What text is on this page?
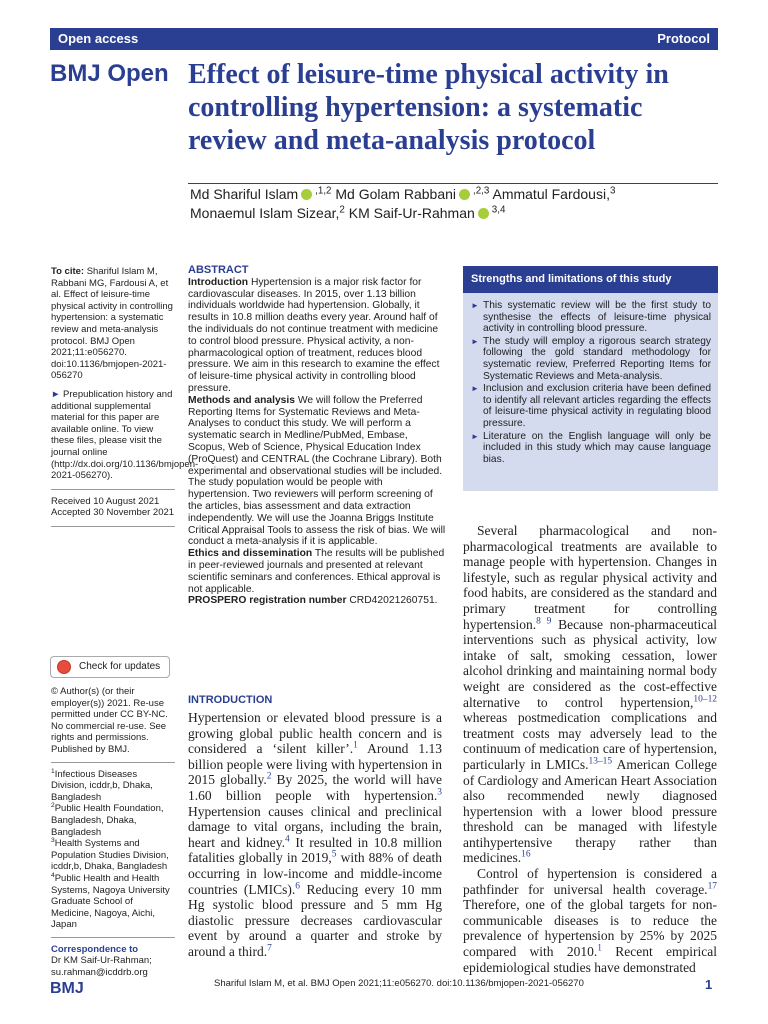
Open access	Protocol
BMJ Open Effect of leisure-time physical activity in controlling hypertension: a systematic review and meta-analysis protocol
Md Shariful Islam $^{,1,2}$ Md Golam Rabbani $^{,2,3}$ Ammatul Fardousi,$^3$
Monaemul Islam Sizear,$^2$ KM Saif-Ur-Rahman $^{3,4}$

To cite: Shariful Islam M, Rabbani MG, Fardousi A, et al. Effect of leisure-time physical activity in controlling hypertension: a systematic review and meta-analysis protocol. BMJ Open 2021;11:e056270. doi:10.1136/bmjopen-2021-056270

► Prepublication history and additional supplemental material for this paper are available online. To view these files, please visit the journal online (http://dx.doi.org/10.1136/bmjopen-2021-056270).

Received 10 August 2021

Accepted 30 November 2021

Check for updates

© Author(s) (or their employer(s)) 2021. Re-use permitted under CC BY-NC. No commercial re-use. See rights and permissions. Published by BMJ.

$^1$Infectious Diseases Division, icddr,b, Dhaka, Bangladesh

$^2$Public Health Foundation, Bangladesh, Dhaka, Bangladesh

$^3$Health Systems and Population Studies Division, icddr,b, Dhaka, Bangladesh

$^4$Public Health and Health Systems, Nagoya University Graduate School of Medicine, Nagoya, Aichi, Japan

Correspondence to

Dr KM Saif-Ur-Rahman;

su.rahman@icddrb.org

ABSTRACT

Introduction Hypertension is a major risk factor for cardiovascular diseases. In 2015, over 1.13 billion individuals worldwide had hypertension. Globally, it results in 10.8 million deaths every year. Around half of the individuals do not continue treatment with medicine to control blood pressure. Physical activity, a non-pharmacological option of treatment, reduces blood pressure. We aim in this research to examine the effect of leisure-time physical activity in controlling blood pressure.

Methods and analysis We will follow the Preferred Reporting Items for Systematic Reviews and Meta-Analyses to conduct this study. We will perform a systematic search in Medline/PubMed, Embase, Scopus, Web of Science, Physical Education Index (ProQuest) and CENTRAL (the Cochrane Library). Both experimental and observational studies will be included. The study population would be people with hypertension. Two reviewers will perform screening of the articles, bias assessment and data extraction independently. We will use the Joanna Briggs Institute Critical Appraisal Tools to assess the risk of bias. We will conduct a meta-analysis if it is applicable.

Ethics and dissemination The results will be published in peer-reviewed journals and presented at relevant scientific seminars and conferences. Ethical approval is not applicable.

PROSPERO registration number CRD42021260751.

Strengths and limitations of this study
► This systematic review will be the first study to synthesise the effects of leisure-time physical activity in controlling blood pressure.
► The study will employ a rigorous search strategy following the gold standard methodology for systematic review, Preferred Reporting Items for Systematic Reviews and Meta-analysis.
► Inclusion and exclusion criteria have been defined to identify all relevant articles regarding the effects of leisure-time physical activity in regulating blood pressure.
► Literature on the English language will only be included in this study which may cause language bias.
INTRODUCTION

Hypertension or elevated blood pressure is a growing global public health concern and is considered a ‘silent killer’.$^1$ Around 1.13 billion people were living with hypertension in 2015 globally.$^2$ By 2025, the world will have 1.60 billion people with hypertension.$^3$ Hypertension causes clinical and preclinical damage to vital organs, including the brain, heart and kidney.$^4$ It resulted in 10.8 million fatalities globally in 2019,$^5$ with 88% of death occurring in low-income and middle-income countries (LMICs).$^6$ Reducing every 10 mm Hg systolic blood pressure and 5 mm Hg diastolic pressure decreases cardiovascular event by around a quarter and stroke by around a third.$^7$

Several pharmacological and non-pharmacological treatments are available to manage people with hypertension. Changes in lifestyle, such as regular physical activity and food habits, are considered as the standard and primary treatment for controlling hypertension.$^{8 9}$ Because non-pharmaceutical interventions such as physical activity, low intake of salt, smoking cessation, lower alcohol drinking and maintaining normal body weight are considered as the cost-effective alternative to control hypertension,$^{10-12}$ whereas postmedication complications and treatment costs may adversely lead to the continuum of medication care of hypertension, particularly in LMICs.$^{13-15}$ American College of Cardiology and American Heart Association also recommended newly diagnosed hypertension with a lower blood pressure threshold can be managed with lifestyle antihypertensive therapy rather than medicines.$^{16}$

Control of hypertension is considered a pathfinder for universal health coverage.$^{17}$ Therefore, one of the global targets for non-communicable diseases is to reduce the prevalence of hypertension by 25% by 2025 compared with 2010.$^1$ Recent empirical epidemiological studies have demonstrated

BMJ	Shariful Islam M, et al. BMJ Open 2021;11:e056270. doi:10.1136/bmjopen-2021-056270	1
